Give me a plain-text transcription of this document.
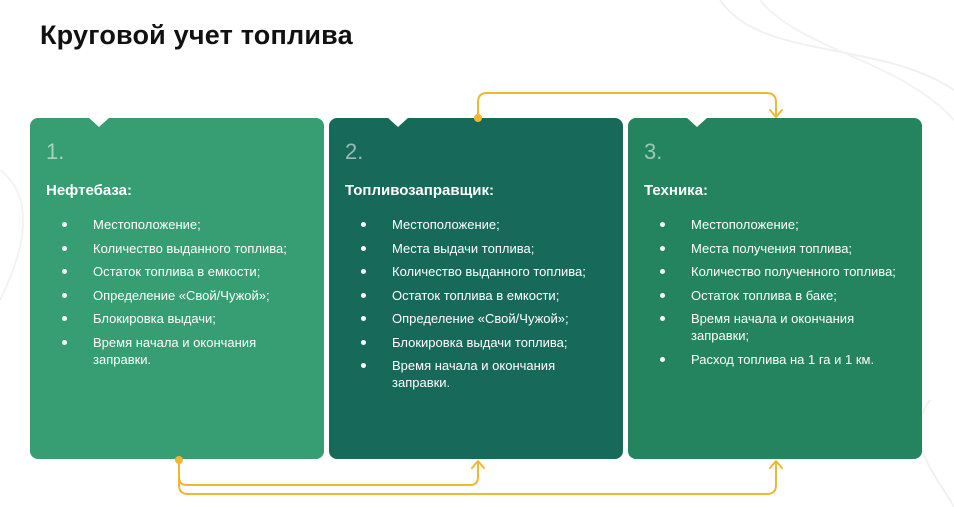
Круговой учет топлива
1.
Нефтебаза:
Местоположение;
Количество выданного топлива;
Остаток топлива в емкости;
Определение «Свой/Чужой»;
Блокировка выдачи;
Время начала и окончания заправки.
2.
Топливозаправщик:
Местоположение;
Места выдачи топлива;
Количество выданного топлива;
Остаток топлива в емкости;
Определение «Свой/Чужой»;
Блокировка выдачи топлива;
Время начала и окончания заправки.
3.
Техника:
Местоположение;
Места получения топлива;
Количество полученного топлива;
Остаток топлива в баке;
Время начала и окончания заправки;
Расход топлива на 1 га и 1 км.
